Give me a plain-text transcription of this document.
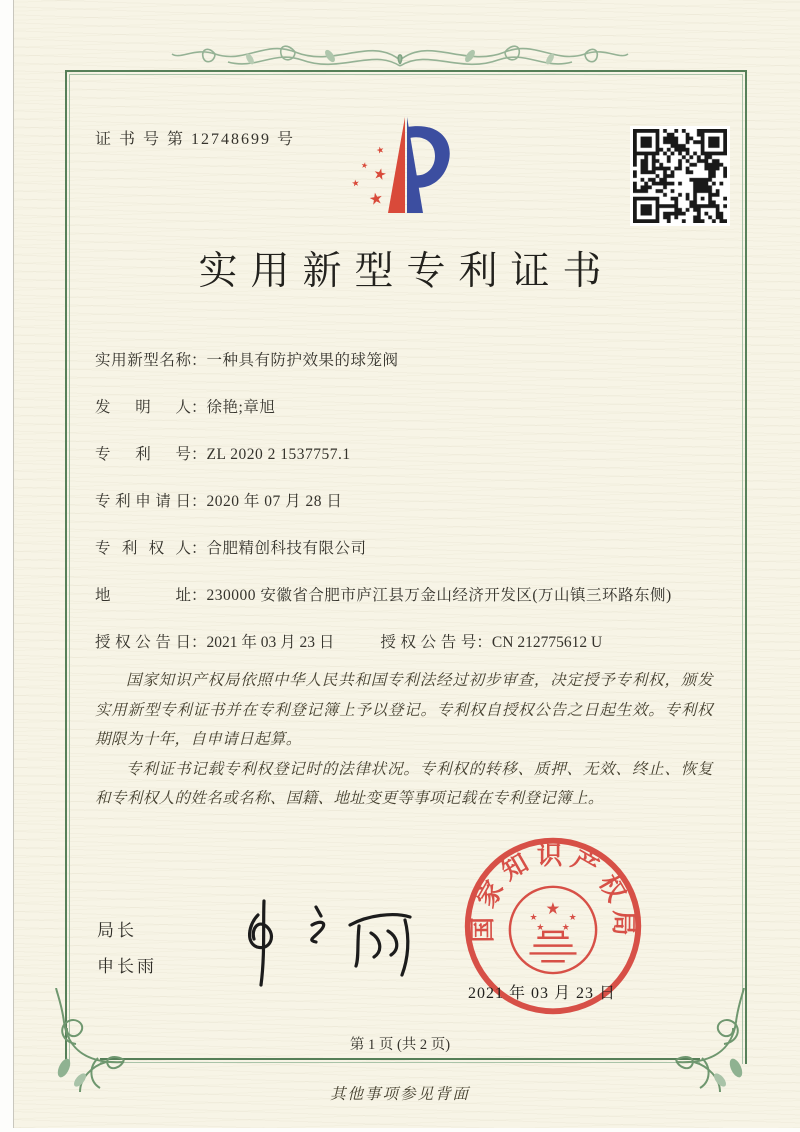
证 书 号 第 12748699 号
★
★
★ ★
★
实用新型专利证书
实用新型名称：一种具有防护效果的球笼阀
发明人：徐艳;章旭
专利号：ZL 2020 2 1537757.1
专利申请日：2020 年 07 月 28 日
专利权人：合肥精创科技有限公司
地址：230000 安徽省合肥市庐江县万金山经济开发区(万山镇三环路东侧)
授权公告日：2021 年 03 月 23 日	授权公告号：CN 212775612 U

国家知识产权局依照中华人民共和国专利法经过初步审查，决定授予专利权，颁发实用新型专利证书并在专利登记簿上予以登记。专利权自授权公告之日起生效。专利权期限为十年，自申请日起算。

专利证书记载专利权登记时的法律状况。专利权的转移、质押、无效、终止、恢复和专利权人的姓名或名称、国籍、地址变更等事项记载在专利登记簿上。

局长
申长雨
国家知识产权局
★
★	★
★ ★
2021 年 03 月 23 日
第 1 页 (共 2 页)
其他事项参见背面
